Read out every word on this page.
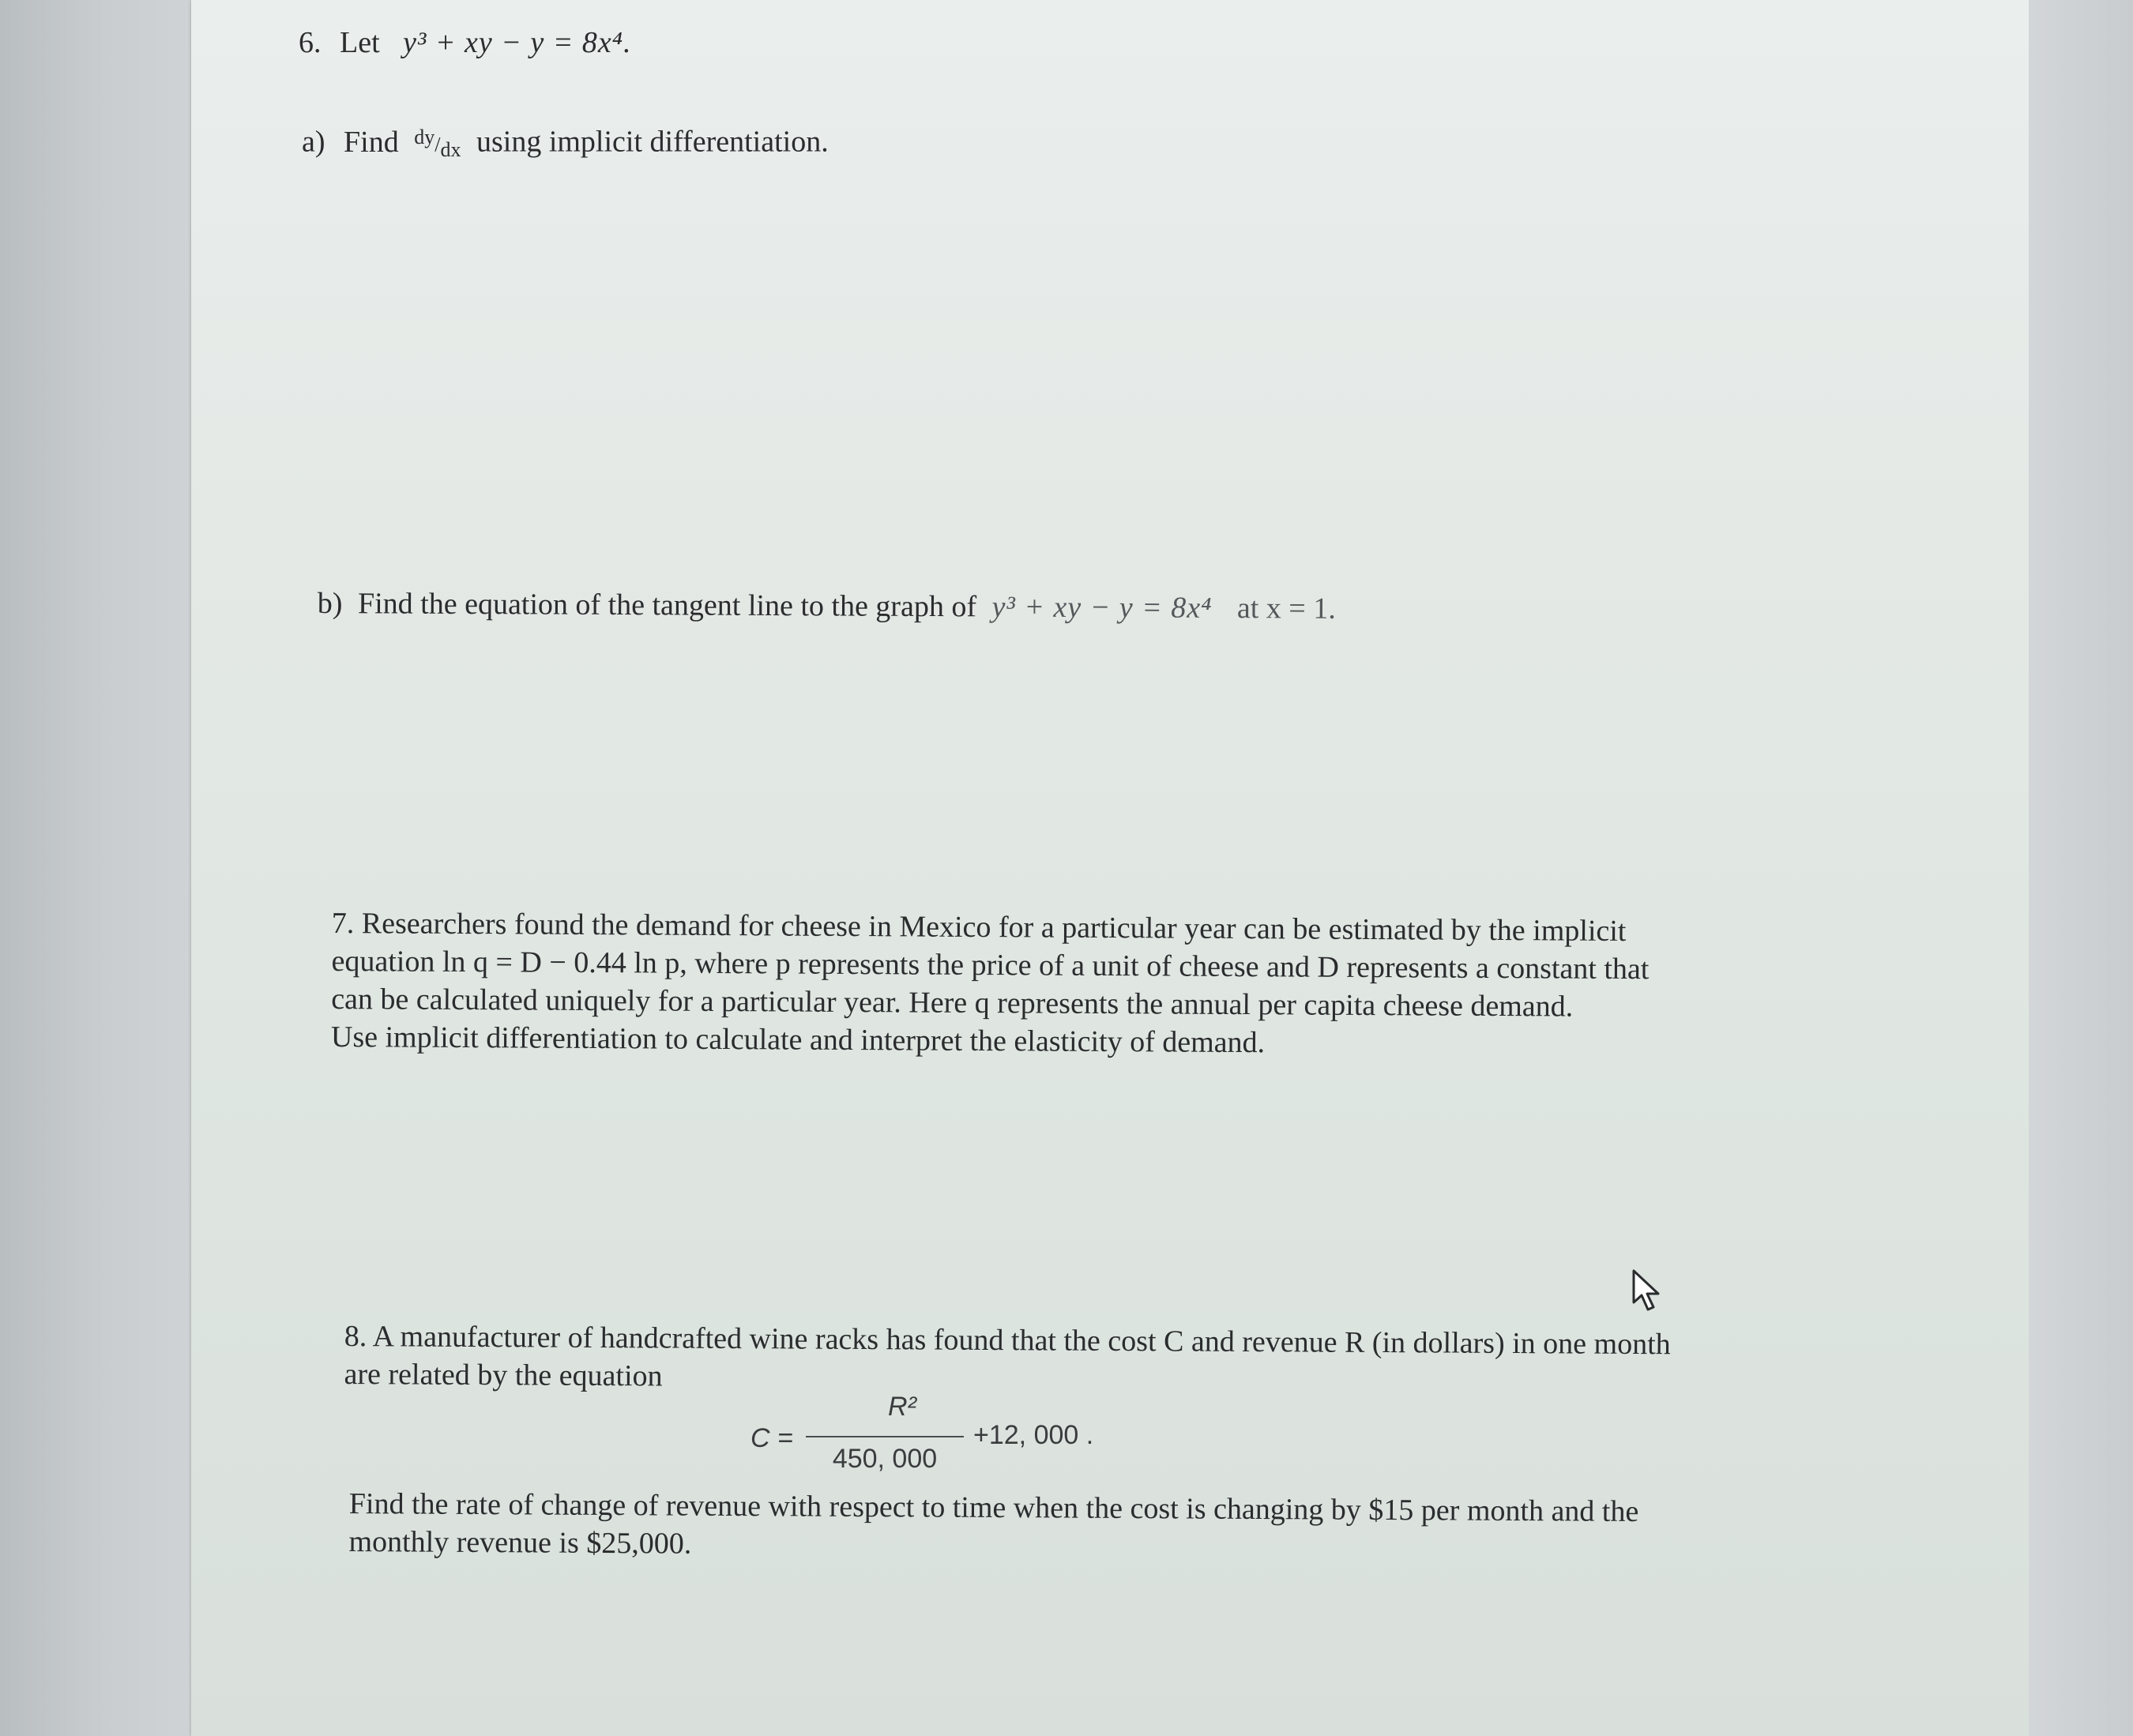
6. Let y³ + xy − y = 8x⁴.
a) Find dy/dx using implicit differentiation.
b) Find the equation of the tangent line to the graph of y³ + xy − y = 8x⁴ at x = 1.
7. Researchers found the demand for cheese in Mexico for a particular year can be estimated by the implicit
equation ln q = D − 0.44 ln p, where p represents the price of a unit of cheese and D represents a constant that
can be calculated uniquely for a particular year. Here q represents the annual per capita cheese demand.
Use implicit differentiation to calculate and interpret the elasticity of demand.
8. A manufacturer of handcrafted wine racks has found that the cost C and revenue R (in dollars) in one month
are related by the equation
C =
R²
450, 000
+12, 000 .
Find the rate of change of revenue with respect to time when the cost is changing by $15 per month and the
monthly revenue is $25,000.
